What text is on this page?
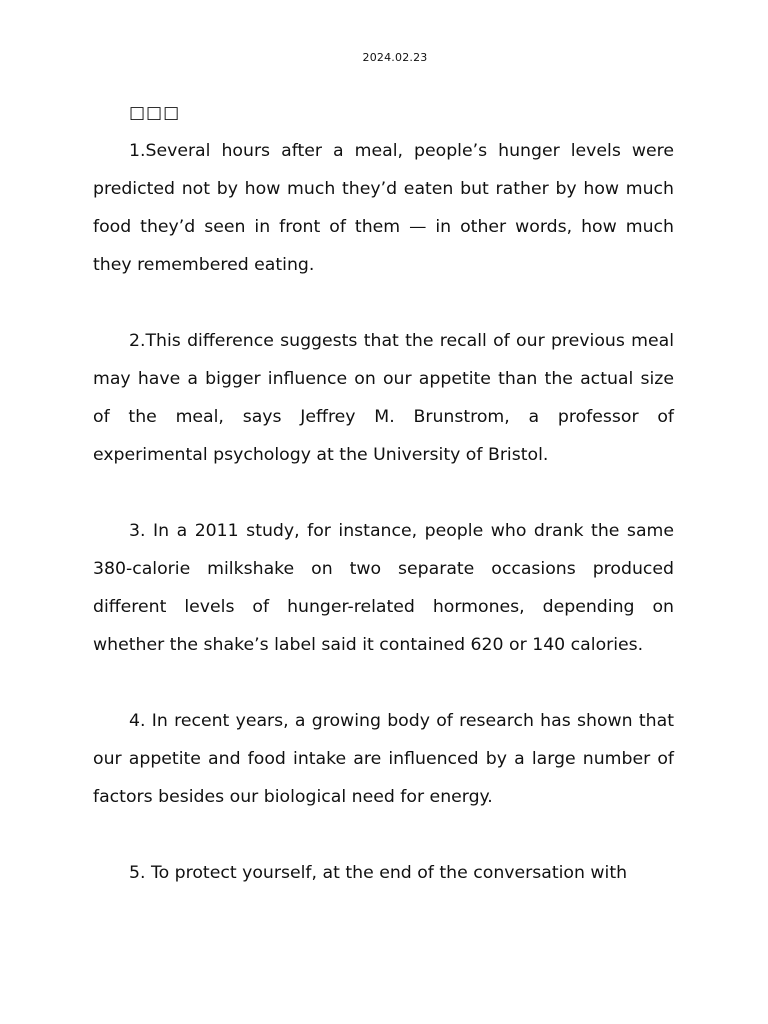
2024.02.23
□□□

1.Several hours after a meal, people’s hunger levels were predicted not by how much they’d eaten but rather by how much food they’d seen in front of them — in other words, how much they remembered eating.

2.This difference suggests that the recall of our previous meal may have a bigger influence on our appetite than the actual size of the meal, says Jeffrey M. Brunstrom, a professor of experimental psychology at the University of Bristol.

3. In a 2011 study, for instance, people who drank the same 380-calorie milkshake on two separate occasions produced different levels of hunger-related hormones, depending on whether the shake’s label said it contained 620 or 140 calories.

4. In recent years, a growing body of research has shown that our appetite and food intake are influenced by a large number of factors besides our biological need for energy.

5. To protect yourself, at the end of the conversation with
